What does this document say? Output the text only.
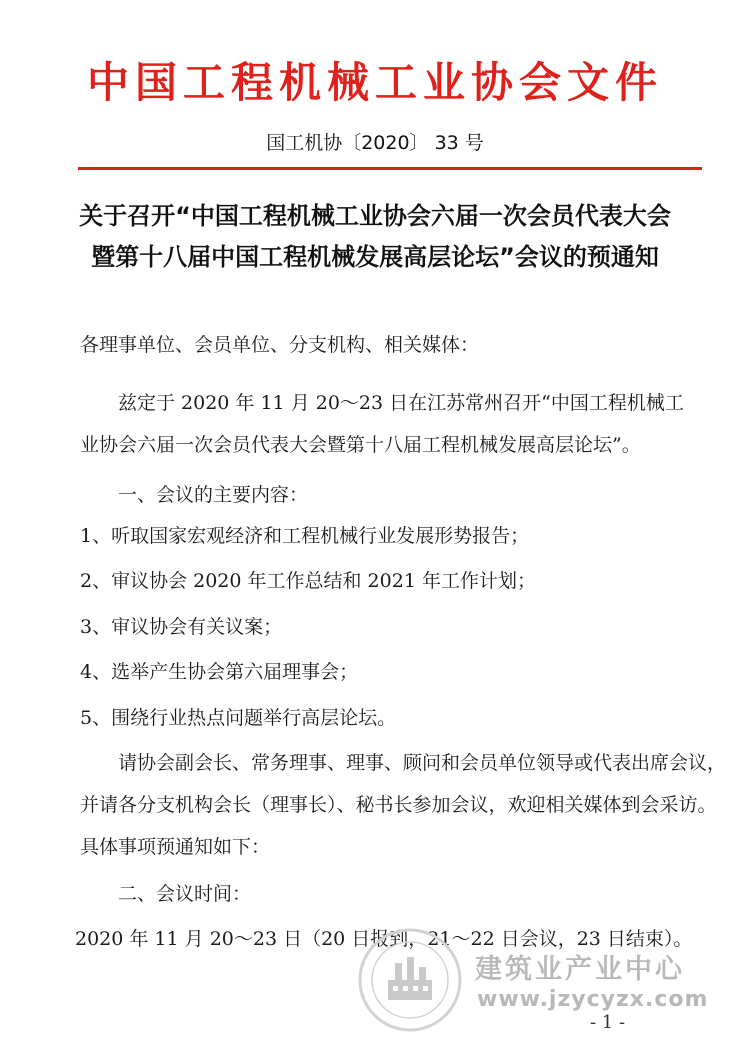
中国工程机械工业协会文件
国工机协〔2020〕 33 号
关于召开“中国工程机械工业协会六届一次会员代表大会
暨第十八届中国工程机械发展高层论坛”会议的预通知
各理事单位、会员单位、分支机构、相关媒体：
兹定于 2020 年 11 月 20～23 日在江苏常州召开“中国工程机械工
业协会六届一次会员代表大会暨第十八届工程机械发展高层论坛”。
一、会议的主要内容：
1、听取国家宏观经济和工程机械行业发展形势报告；
2、审议协会 2020 年工作总结和 2021 年工作计划；
3、审议协会有关议案；
4、选举产生协会第六届理事会；
5、围绕行业热点问题举行高层论坛。
请协会副会长、常务理事、理事、顾问和会员单位领导或代表出席会议，
并请各分支机构会长（理事长）、秘书长参加会议，欢迎相关媒体到会采访。
具体事项预通知如下：
二、会议时间：
2020 年 11 月 20～23 日（20 日报到，21～22 日会议，23 日结束）。
建筑业产业中心
www.jzycyzx.com
- 1 -
